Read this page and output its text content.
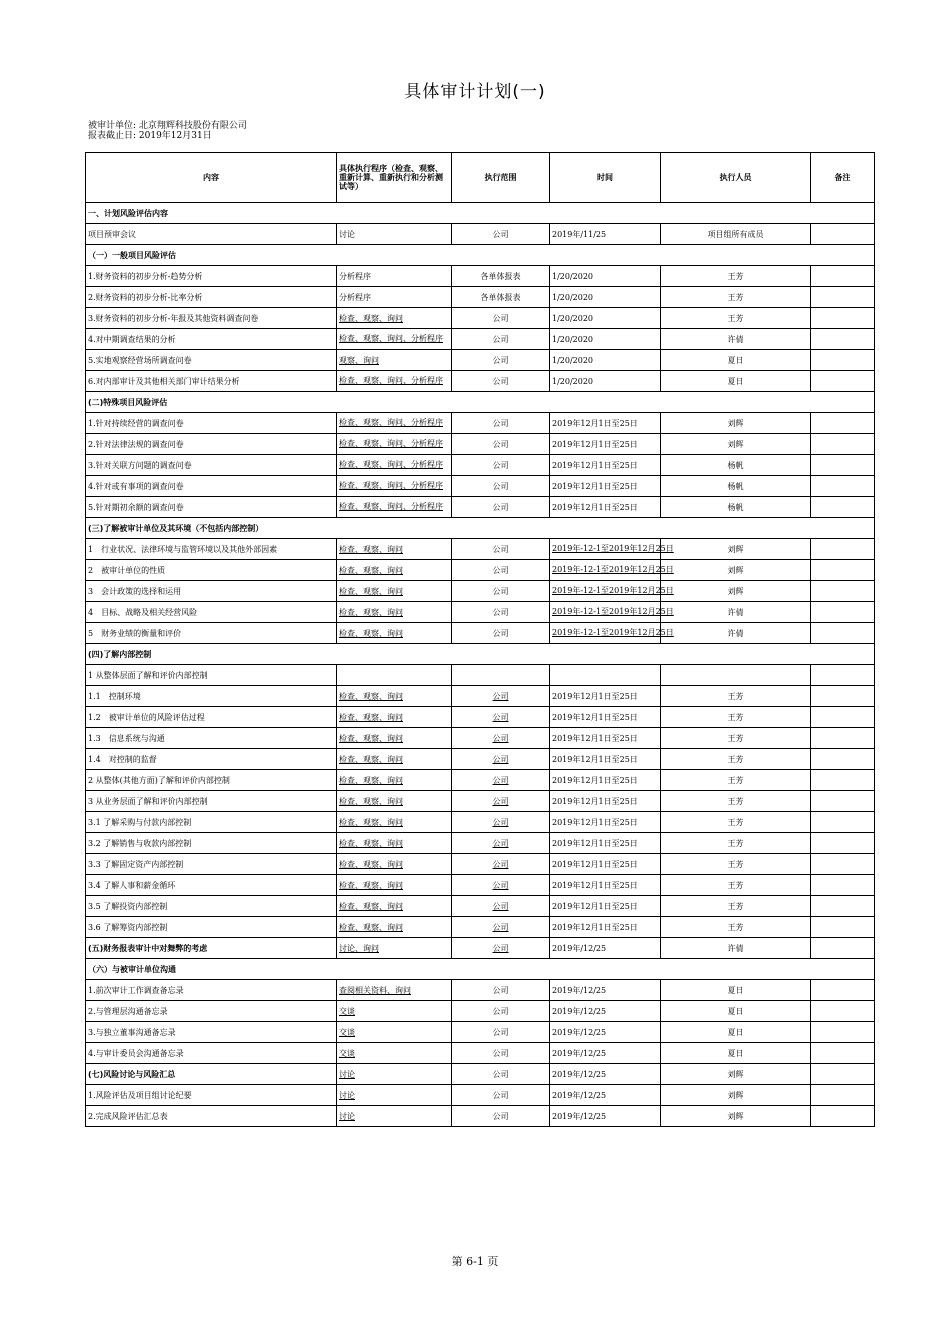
具体审计计划(一)
被审计单位: 北京翔辉科技股份有限公司
报表截止日: 2019年12月31日
内容	具体执行程序（检查、观察、重新计算、重新执行和分析测试等）	执行范围	时间	执行人员	备注
一、计划风险评估内容					
项目预审会议	讨论	公司	2019年/11/25	项目组所有成员	
（一）一般项目风险评估					
1.财务资料的初步分析-趋势分析	分析程序	各单体报表	1/20/2020	王芳	
2.财务资料的初步分析-比率分析	分析程序	各单体报表	1/20/2020	王芳	
3.财务资料的初步分析-年报及其他资料调查问卷	检查、观察、询问	公司	1/20/2020	王芳	
4.对中期调查结果的分析	检查、观察、询问、分析程序	公司	1/20/2020	许倩	
5.实地观察经营场所调查问卷	观察、询问	公司	1/20/2020	夏日	
6.对内部审计及其他相关部门审计结果分析	检查、观察、询问、分析程序	公司	1/20/2020	夏日	
(二)特殊项目风险评估					
1.针对持续经营的调查问卷	检查、观察、询问、分析程序	公司	2019年12月1日至25日	刘辉	
2.针对法律法规的调查问卷	检查、观察、询问、分析程序	公司	2019年12月1日至25日	刘辉	
3.针对关联方问题的调查问卷	检查、观察、询问、分析程序	公司	2019年12月1日至25日	杨帆	
4.针对或有事项的调查问卷	检查、观察、询问、分析程序	公司	2019年12月1日至25日	杨帆	
5.针对期初余额的调查问卷	检查、观察、询问、分析程序	公司	2019年12月1日至25日	杨帆	
(三)了解被审计单位及其环境（不包括内部控制）					
1　行业状况、法律环境与监管环境以及其他外部因素	检查、观察、询问	公司	2019年-12-1至2019年12月25日	刘辉	
2　被审计单位的性质	检查、观察、询问	公司	2019年-12-1至2019年12月25日	刘辉	
3　会计政策的选择和运用	检查、观察、询问	公司	2019年-12-1至2019年12月25日	刘辉	
4　目标、战略及相关经营风险	检查、观察、询问	公司	2019年-12-1至2019年12月25日	许倩	
5　财务业绩的衡量和评价	检查、观察、询问	公司	2019年-12-1至2019年12月25日	许倩	
(四)了解内部控制					
1 从整体层面了解和评价内部控制					
1.1　控制环境	检查、观察、询问	公司	2019年12月1日至25日	王芳	
1.2　被审计单位的风险评估过程	检查、观察、询问	公司	2019年12月1日至25日	王芳	
1.3　信息系统与沟通	检查、观察、询问	公司	2019年12月1日至25日	王芳	
1.4　对控制的监督	检查、观察、询问	公司	2019年12月1日至25日	王芳	
2 从整体(其他方面)了解和评价内部控制	检查、观察、询问	公司	2019年12月1日至25日	王芳	
3 从业务层面了解和评价内部控制	检查、观察、询问	公司	2019年12月1日至25日	王芳	
3.1 了解采购与付款内部控制	检查、观察、询问	公司	2019年12月1日至25日	王芳	
3.2 了解销售与收款内部控制	检查、观察、询问	公司	2019年12月1日至25日	王芳	
3.3 了解固定资产内部控制	检查、观察、询问	公司	2019年12月1日至25日	王芳	
3.4 了解人事和薪金循环	检查、观察、询问	公司	2019年12月1日至25日	王芳	
3.5 了解投资内部控制	检查、观察、询问	公司	2019年12月1日至25日	王芳	
3.6 了解筹资内部控制	检查、观察、询问	公司	2019年12月1日至25日	王芳	
(五)财务报表审计中对舞弊的考虑	讨论、询问	公司	2019年/12/25	许倩	
（六）与被审计单位沟通					
1.前次审计工作调查备忘录	查阅相关资料、询问	公司	2019年/12/25	夏日	
2.与管理层沟通备忘录	交谈	公司	2019年/12/25	夏日	
3.与独立董事沟通备忘录	交谈	公司	2019年/12/25	夏日	
4.与审计委员会沟通备忘录	交谈	公司	2019年/12/25	夏日	
(七)风险讨论与风险汇总	讨论	公司	2019年/12/25	刘辉	
1.风险评估及项目组讨论纪要	讨论	公司	2019年/12/25	刘辉	
2.完成风险评估汇总表	讨论	公司	2019年/12/25	刘辉	
第 6-1 页
